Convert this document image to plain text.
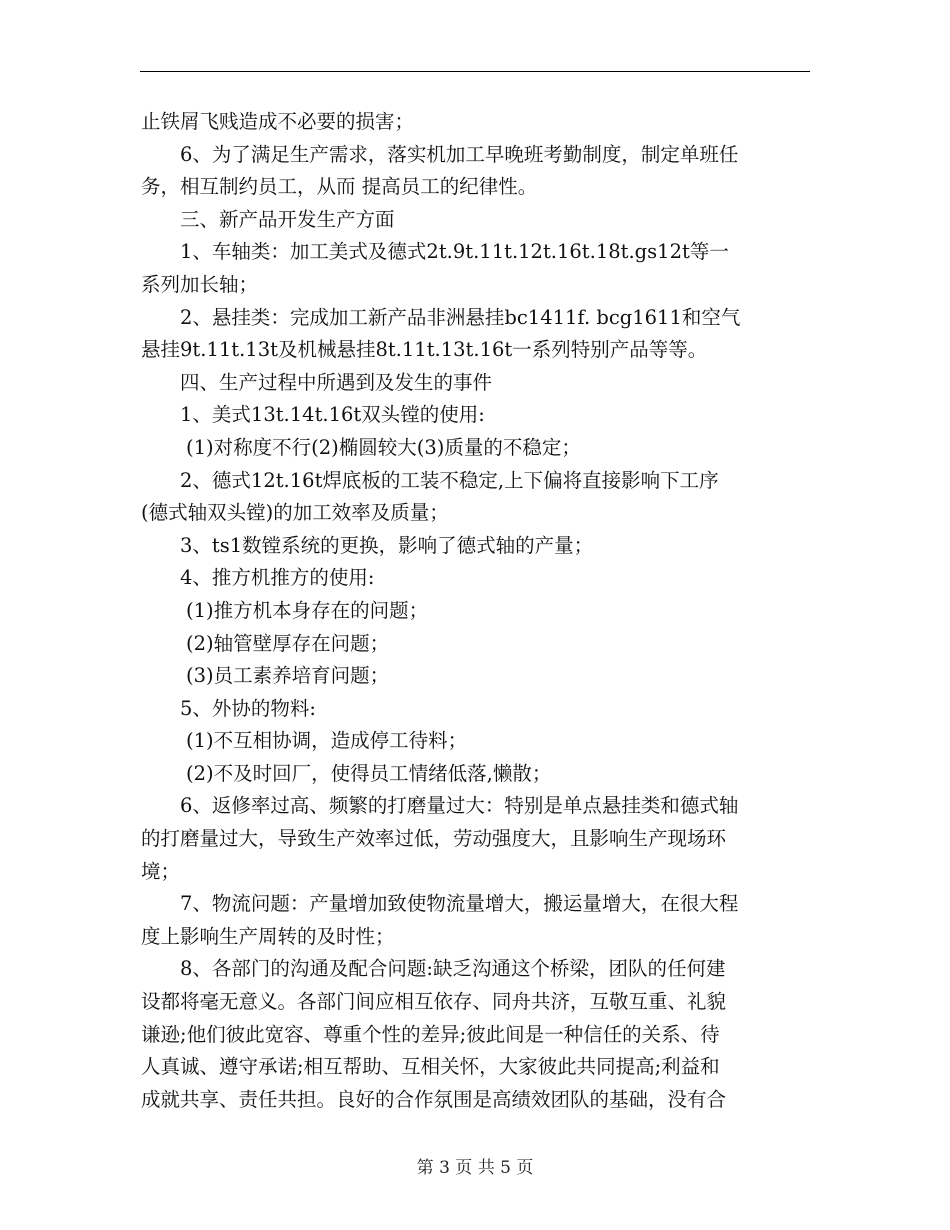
止铁屑飞贱造成不必要的损害；
6、为了满足生产需求，落实机加工早晚班考勤制度，制定单班任
务，相互制约员工，从而 提高员工的纪律性。
三、新产品开发生产方面
1、车轴类：加工美式及德式2t.9t.11t.12t.16t.18t.gs12t等一
系列加长轴；
2、悬挂类：完成加工新产品非洲悬挂bc1411f. bcg1611和空气
悬挂9t.11t.13t及机械悬挂8t.11t.13t.16t一系列特别产品等等。
四、生产过程中所遇到及发生的事件
1、美式13t.14t.16t双头镗的使用:
(1)对称度不行(2)椭圆较大(3)质量的不稳定；
2、德式12t.16t焊底板的工装不稳定,上下偏将直接影响下工序
(德式轴双头镗)的加工效率及质量；
3、ts1数镗系统的更换，影响了德式轴的产量；
4、推方机推方的使用:
(1)推方机本身存在的问题；
(2)轴管壁厚存在问题；
(3)员工素养培育问题；
5、外协的物料:
(1)不互相协调，造成停工待料；
(2)不及时回厂，使得员工情绪低落,懒散；
6、返修率过高、频繁的打磨量过大：特别是单点悬挂类和德式轴
的打磨量过大，导致生产效率过低，劳动强度大，且影响生产现场环
境；
7、物流问题：产量增加致使物流量增大，搬运量增大，在很大程
度上影响生产周转的及时性；
8、各部门的沟通及配合问题:缺乏沟通这个桥梁，团队的任何建
设都将毫无意义。各部门间应相互依存、同舟共济，互敬互重、礼貌
谦逊;他们彼此宽容、尊重个性的差异;彼此间是一种信任的关系、待
人真诚、遵守承诺;相互帮助、互相关怀，大家彼此共同提高;利益和
成就共享、责任共担。良好的合作氛围是高绩效团队的基础，没有合
第 3 页 共 5 页
